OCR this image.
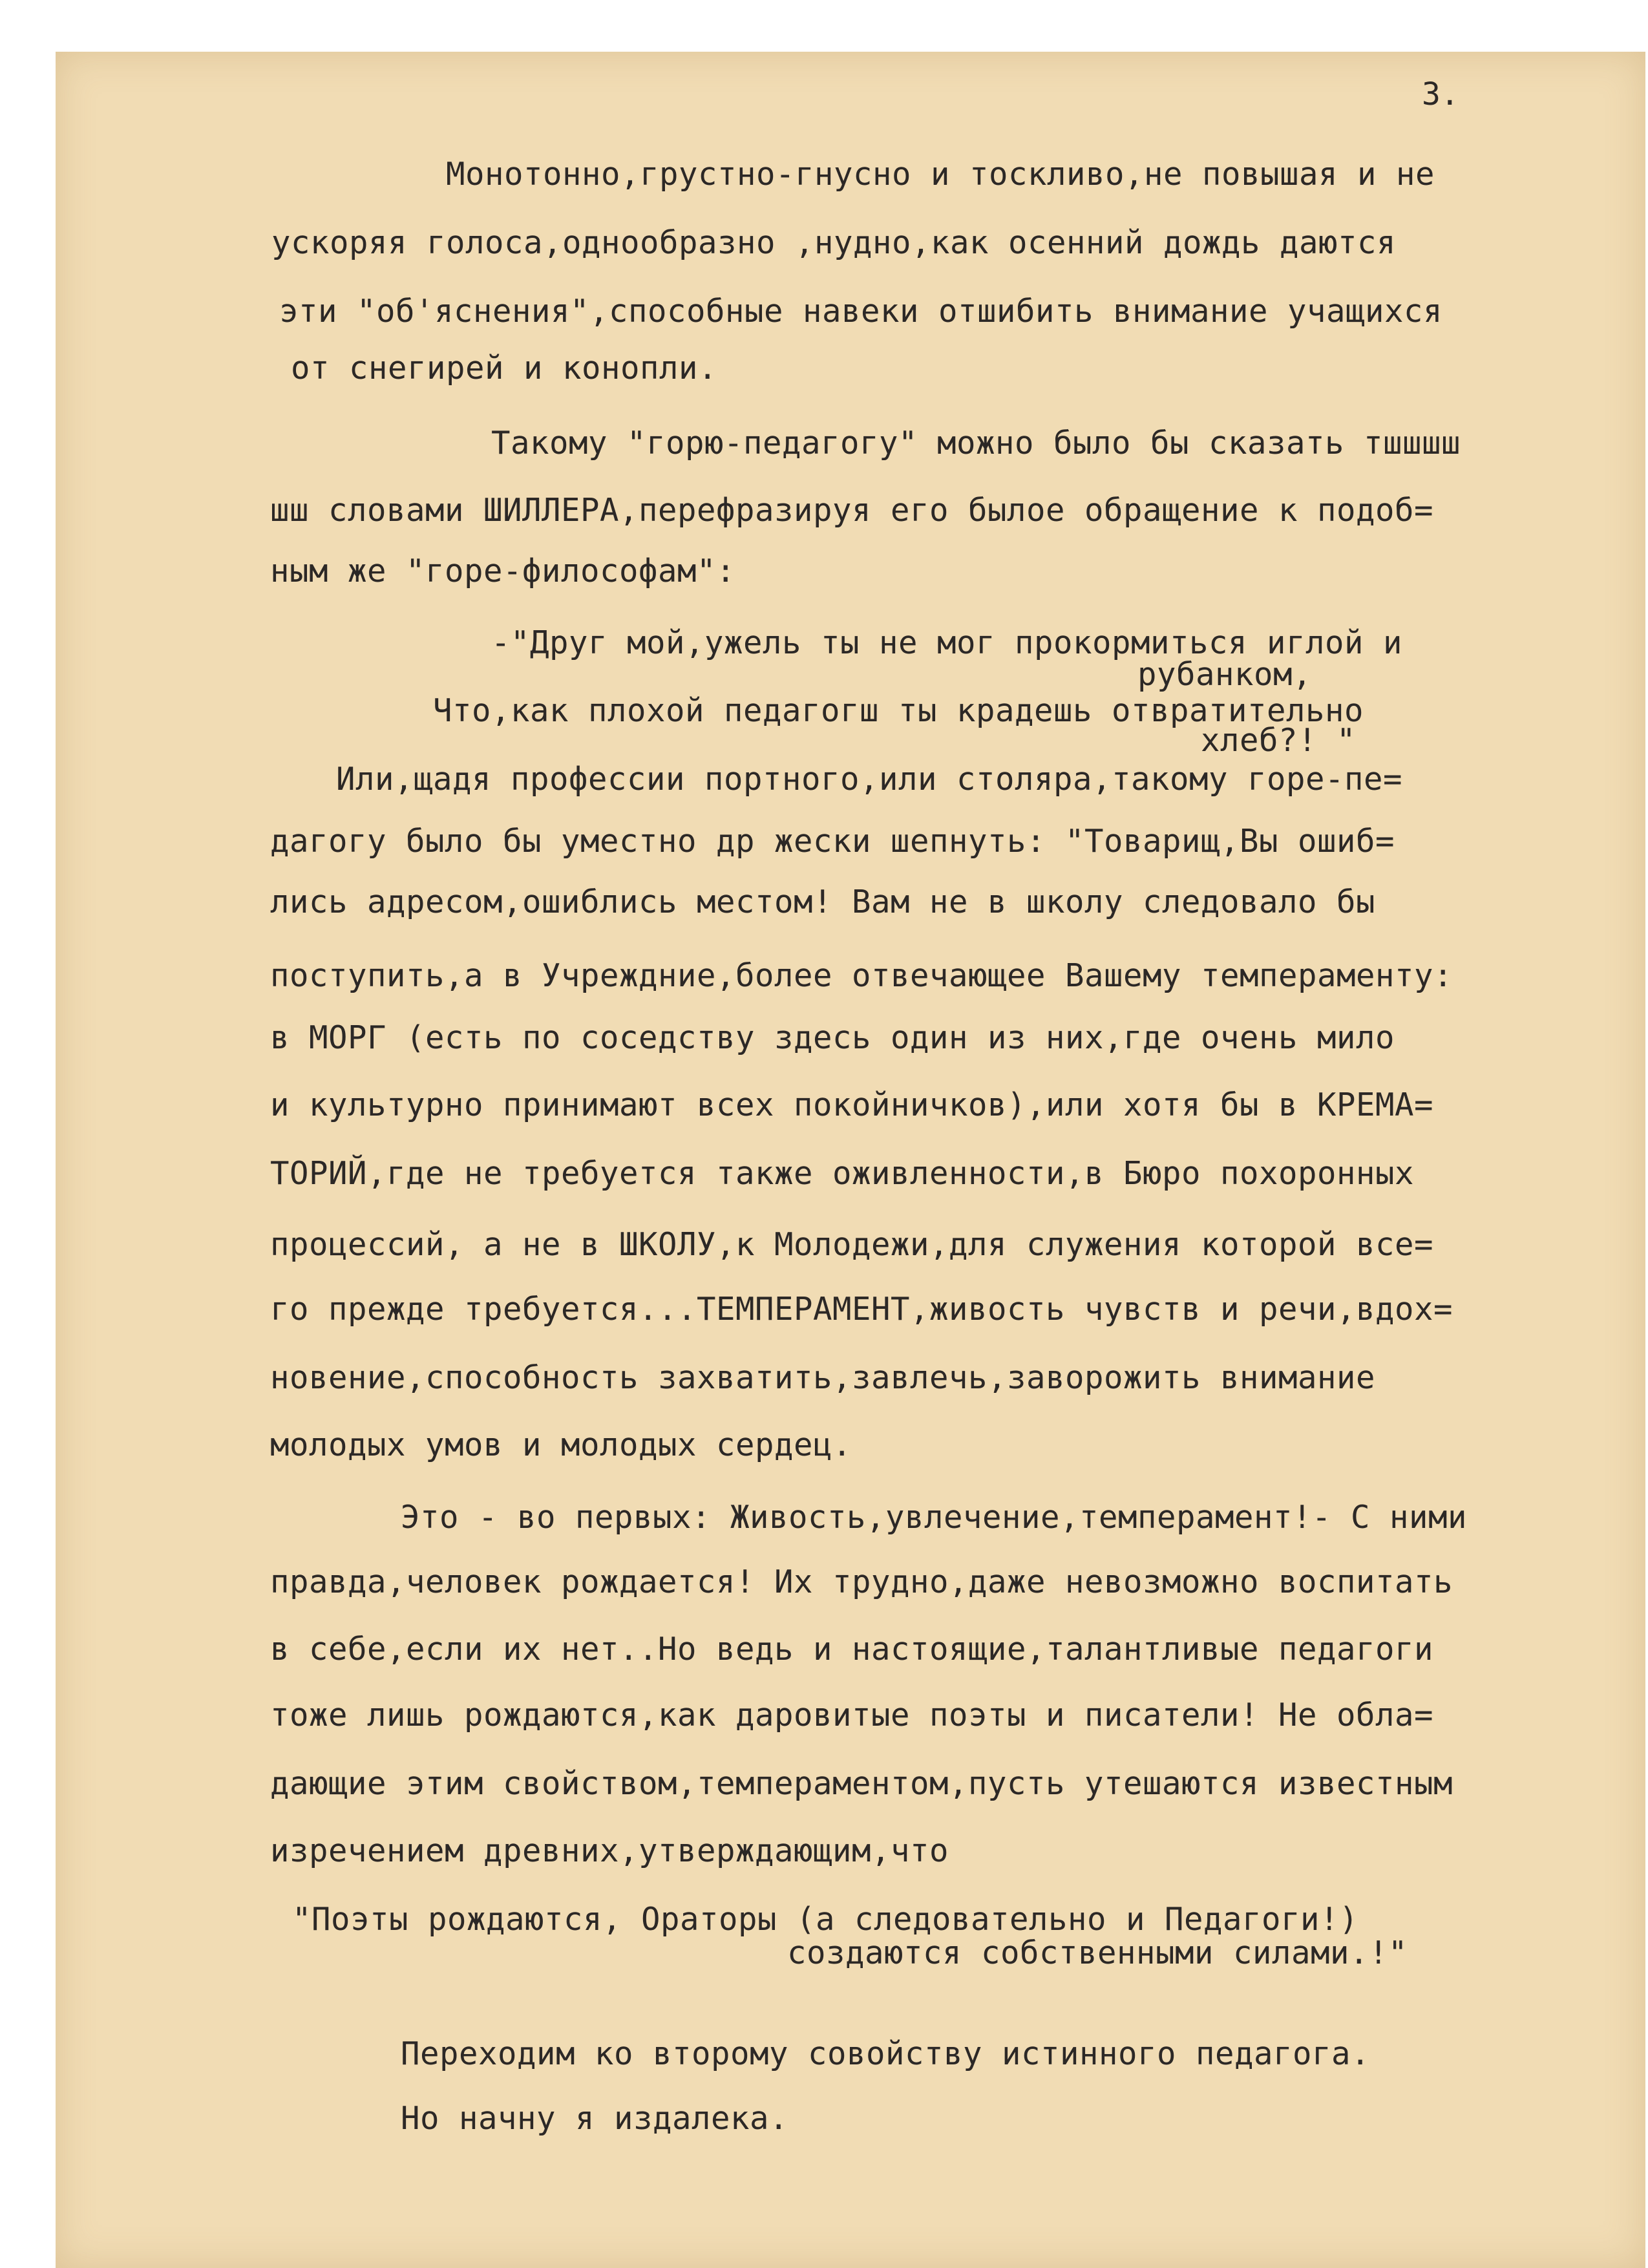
3.
Монотонно,грустно-гнусно и тоскливо,не повышая и не
ускоряя голоса,однообразно ,нудно,как осенний дождь даются
эти "об'яснения",способные навеки отшибить внимание учащихся
от снегирей и конопли.
Такому "горю-педагогу" можно было бы сказать тшшшш
шш словами ШИЛЛЕРА,перефразируя его былое обращение к подоб=
ным же "горе-философам":
-"Друг мой,ужель ты не мог прокормиться иглой и
рубанком,
Что,как плохой педагогш ты крадешь отвратительно
хлеб?! "
Или,щадя профессии портного,или столяра,такому горе-пе=
дагогу было бы уместно др жески шепнуть: "Товарищ,Вы ошиб=
лись адресом,ошиблись местом! Вам не в школу следовало бы
поступить,а в Учреждние,более отвечающее Вашему темпераменту:
в МОРГ (есть по соседству здесь один из них,где очень мило
и культурно принимают всех покойничков),или хотя бы в КРЕМА=
ТОРИЙ,где не требуется также оживленности,в Бюро похоронных
процессий, а не в ШКОЛУ,к Молодежи,для служения которой все=
го прежде требуется...ТЕМПЕРАМЕНТ,живость чувств и речи,вдох=
новение,способность захватить,завлечь,заворожить внимание
молодых умов и молодых сердец.
Это - во первых: Живость,увлечение,темперамент!- С ними
правда,человек рождается! Их трудно,даже невозможно воспитать
в себе,если их нет..Но ведь и настоящие,талантливые педагоги
тоже лишь рождаются,как даровитые поэты и писатели! Не обла=
дающие этим свойством,темпераментом,пусть утешаются известным
изречением древних,утверждающим,что
"Поэты рождаются, Ораторы (а следовательно и Педагоги!)
создаются собственными силами.!"
Переходим ко второму совойству истинного педагога.
Но начну я издалека.
